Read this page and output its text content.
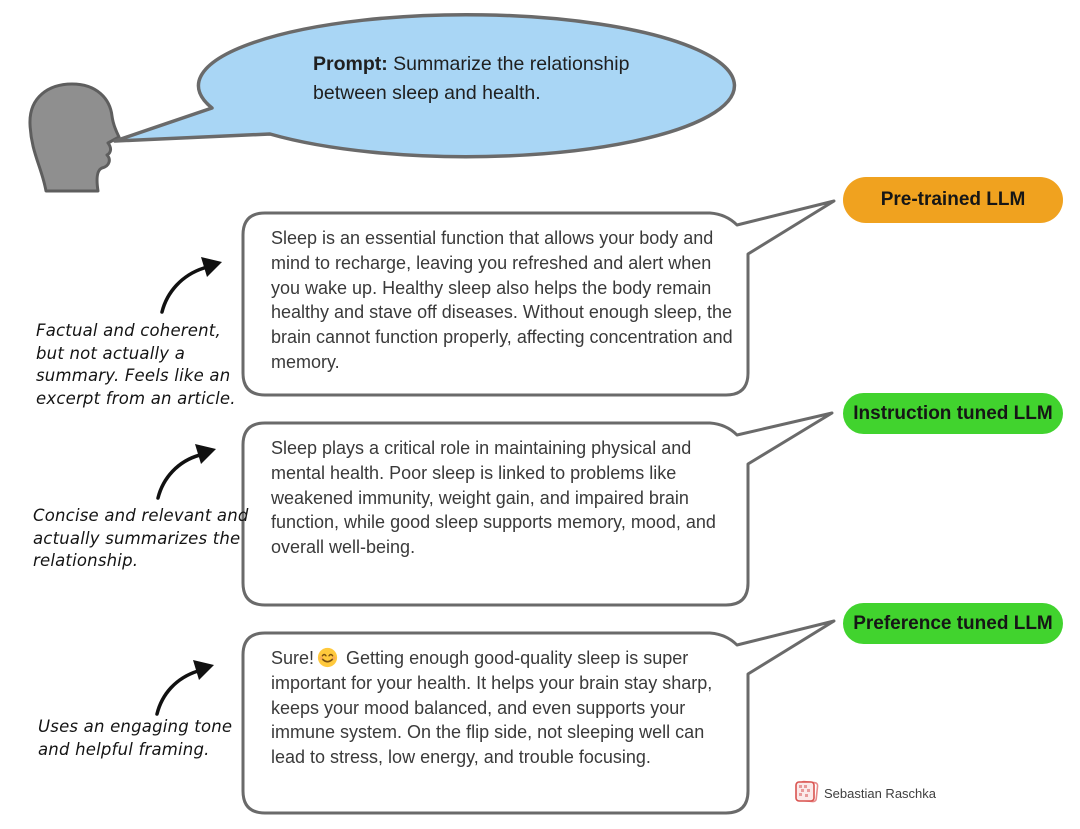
Prompt: Summarize the relationship between sleep and health.
Sleep is an essential function that allows your body and mind to recharge, leaving you refreshed and alert when you wake up. Healthy sleep also helps the body remain healthy and stave off diseases. Without enough sleep, the brain cannot function properly, affecting concentration and memory.
Sleep plays a critical role in maintaining physical and mental health. Poor sleep is linked to problems like weakened immunity, weight gain, and impaired brain function, while good sleep supports memory, mood, and overall well-being.
Sure! Getting enough good-quality sleep is super important for your health. It helps your brain stay sharp, keeps your mood balanced, and even supports your immune system. On the flip side, not sleeping well can lead to stress, low energy, and trouble focusing.
Pre-trained LLM
Instruction tuned LLM
Preference tuned LLM
Factual and coherent,
but not actually a
summary. Feels like an
excerpt from an article.
Concise and relevant and
actually summarizes the
relationship.
Uses an engaging tone
and helpful framing.
Sebastian Raschka
